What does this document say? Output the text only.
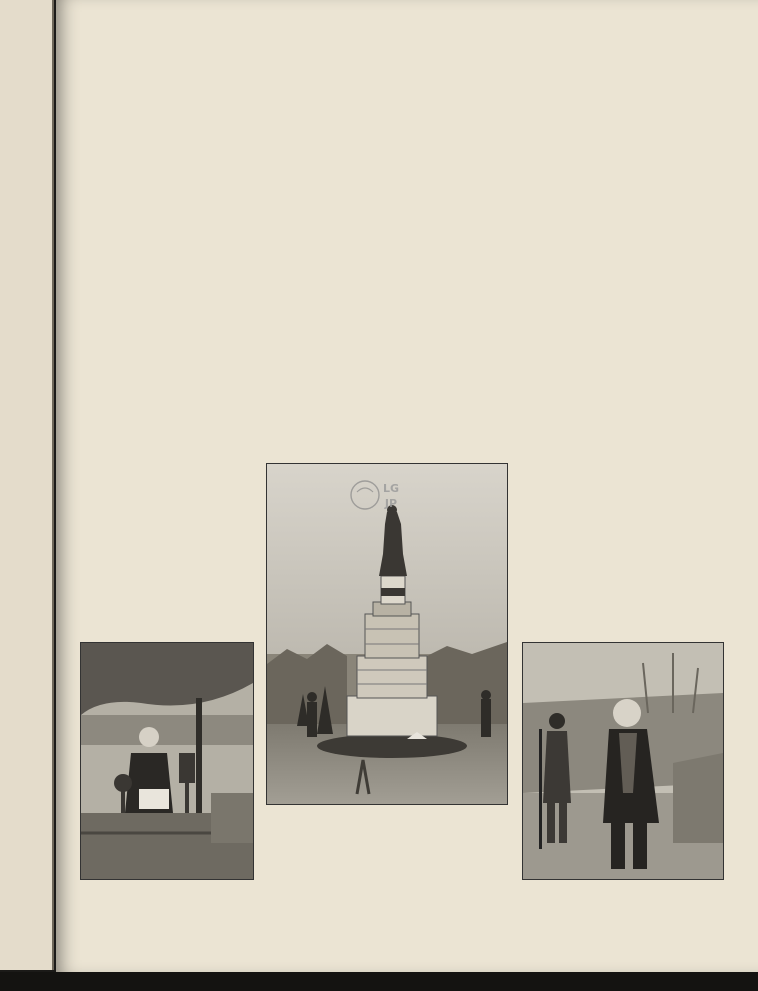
LG
JP
